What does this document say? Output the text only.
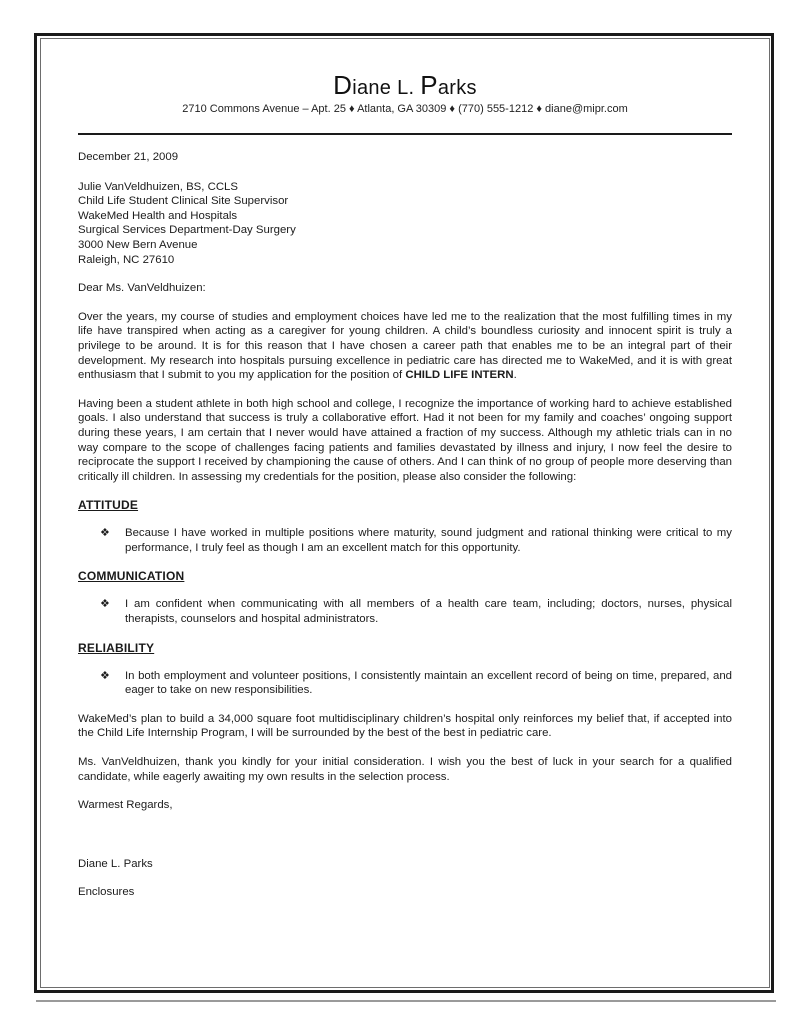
Diane L. Parks
2710 Commons Avenue – Apt. 25 ♦ Atlanta, GA 30309 ♦ (770) 555-1212 ♦ diane@mipr.com
December 21, 2009
Julie VanVeldhuizen, BS, CCLS
Child Life Student Clinical Site Supervisor
WakeMed Health and Hospitals
Surgical Services Department-Day Surgery
3000 New Bern Avenue
Raleigh, NC 27610
Dear Ms. VanVeldhuizen:
Over the years, my course of studies and employment choices have led me to the realization that the most fulfilling times in my life have transpired when acting as a caregiver for young children. A child’s boundless curiosity and innocent spirit is truly a privilege to be around. It is for this reason that I have chosen a career path that enables me to be an integral part of their development. My research into hospitals pursuing excellence in pediatric care has directed me to WakeMed, and it is with great enthusiasm that I submit to you my application for the position of CHILD LIFE INTERN.
Having been a student athlete in both high school and college, I recognize the importance of working hard to achieve established goals. I also understand that success is truly a collaborative effort. Had it not been for my family and coaches’ ongoing support during these years, I am certain that I never would have attained a fraction of my success. Although my athletic trials can in no way compare to the scope of challenges facing patients and families devastated by illness and injury, I now feel the desire to reciprocate the support I received by championing the cause of others. And I can think of no group of people more deserving than critically ill children. In assessing my credentials for the position, please also consider the following:
ATTITUDE
❖	Because I have worked in multiple positions where maturity, sound judgment and rational thinking were critical to my performance, I truly feel as though I am an excellent match for this opportunity.
COMMUNICATION
❖	I am confident when communicating with all members of a health care team, including; doctors, nurses, physical therapists, counselors and hospital administrators.
RELIABILITY
❖	In both employment and volunteer positions, I consistently maintain an excellent record of being on time, prepared, and eager to take on new responsibilities.
WakeMed’s plan to build a 34,000 square foot multidisciplinary children’s hospital only reinforces my belief that, if accepted into the Child Life Internship Program, I will be surrounded by the best of the best in pediatric care.
Ms. VanVeldhuizen, thank you kindly for your initial consideration. I wish you the best of luck in your search for a qualified candidate, while eagerly awaiting my own results in the selection process.
Warmest Regards,
Diane L. Parks
Enclosures
